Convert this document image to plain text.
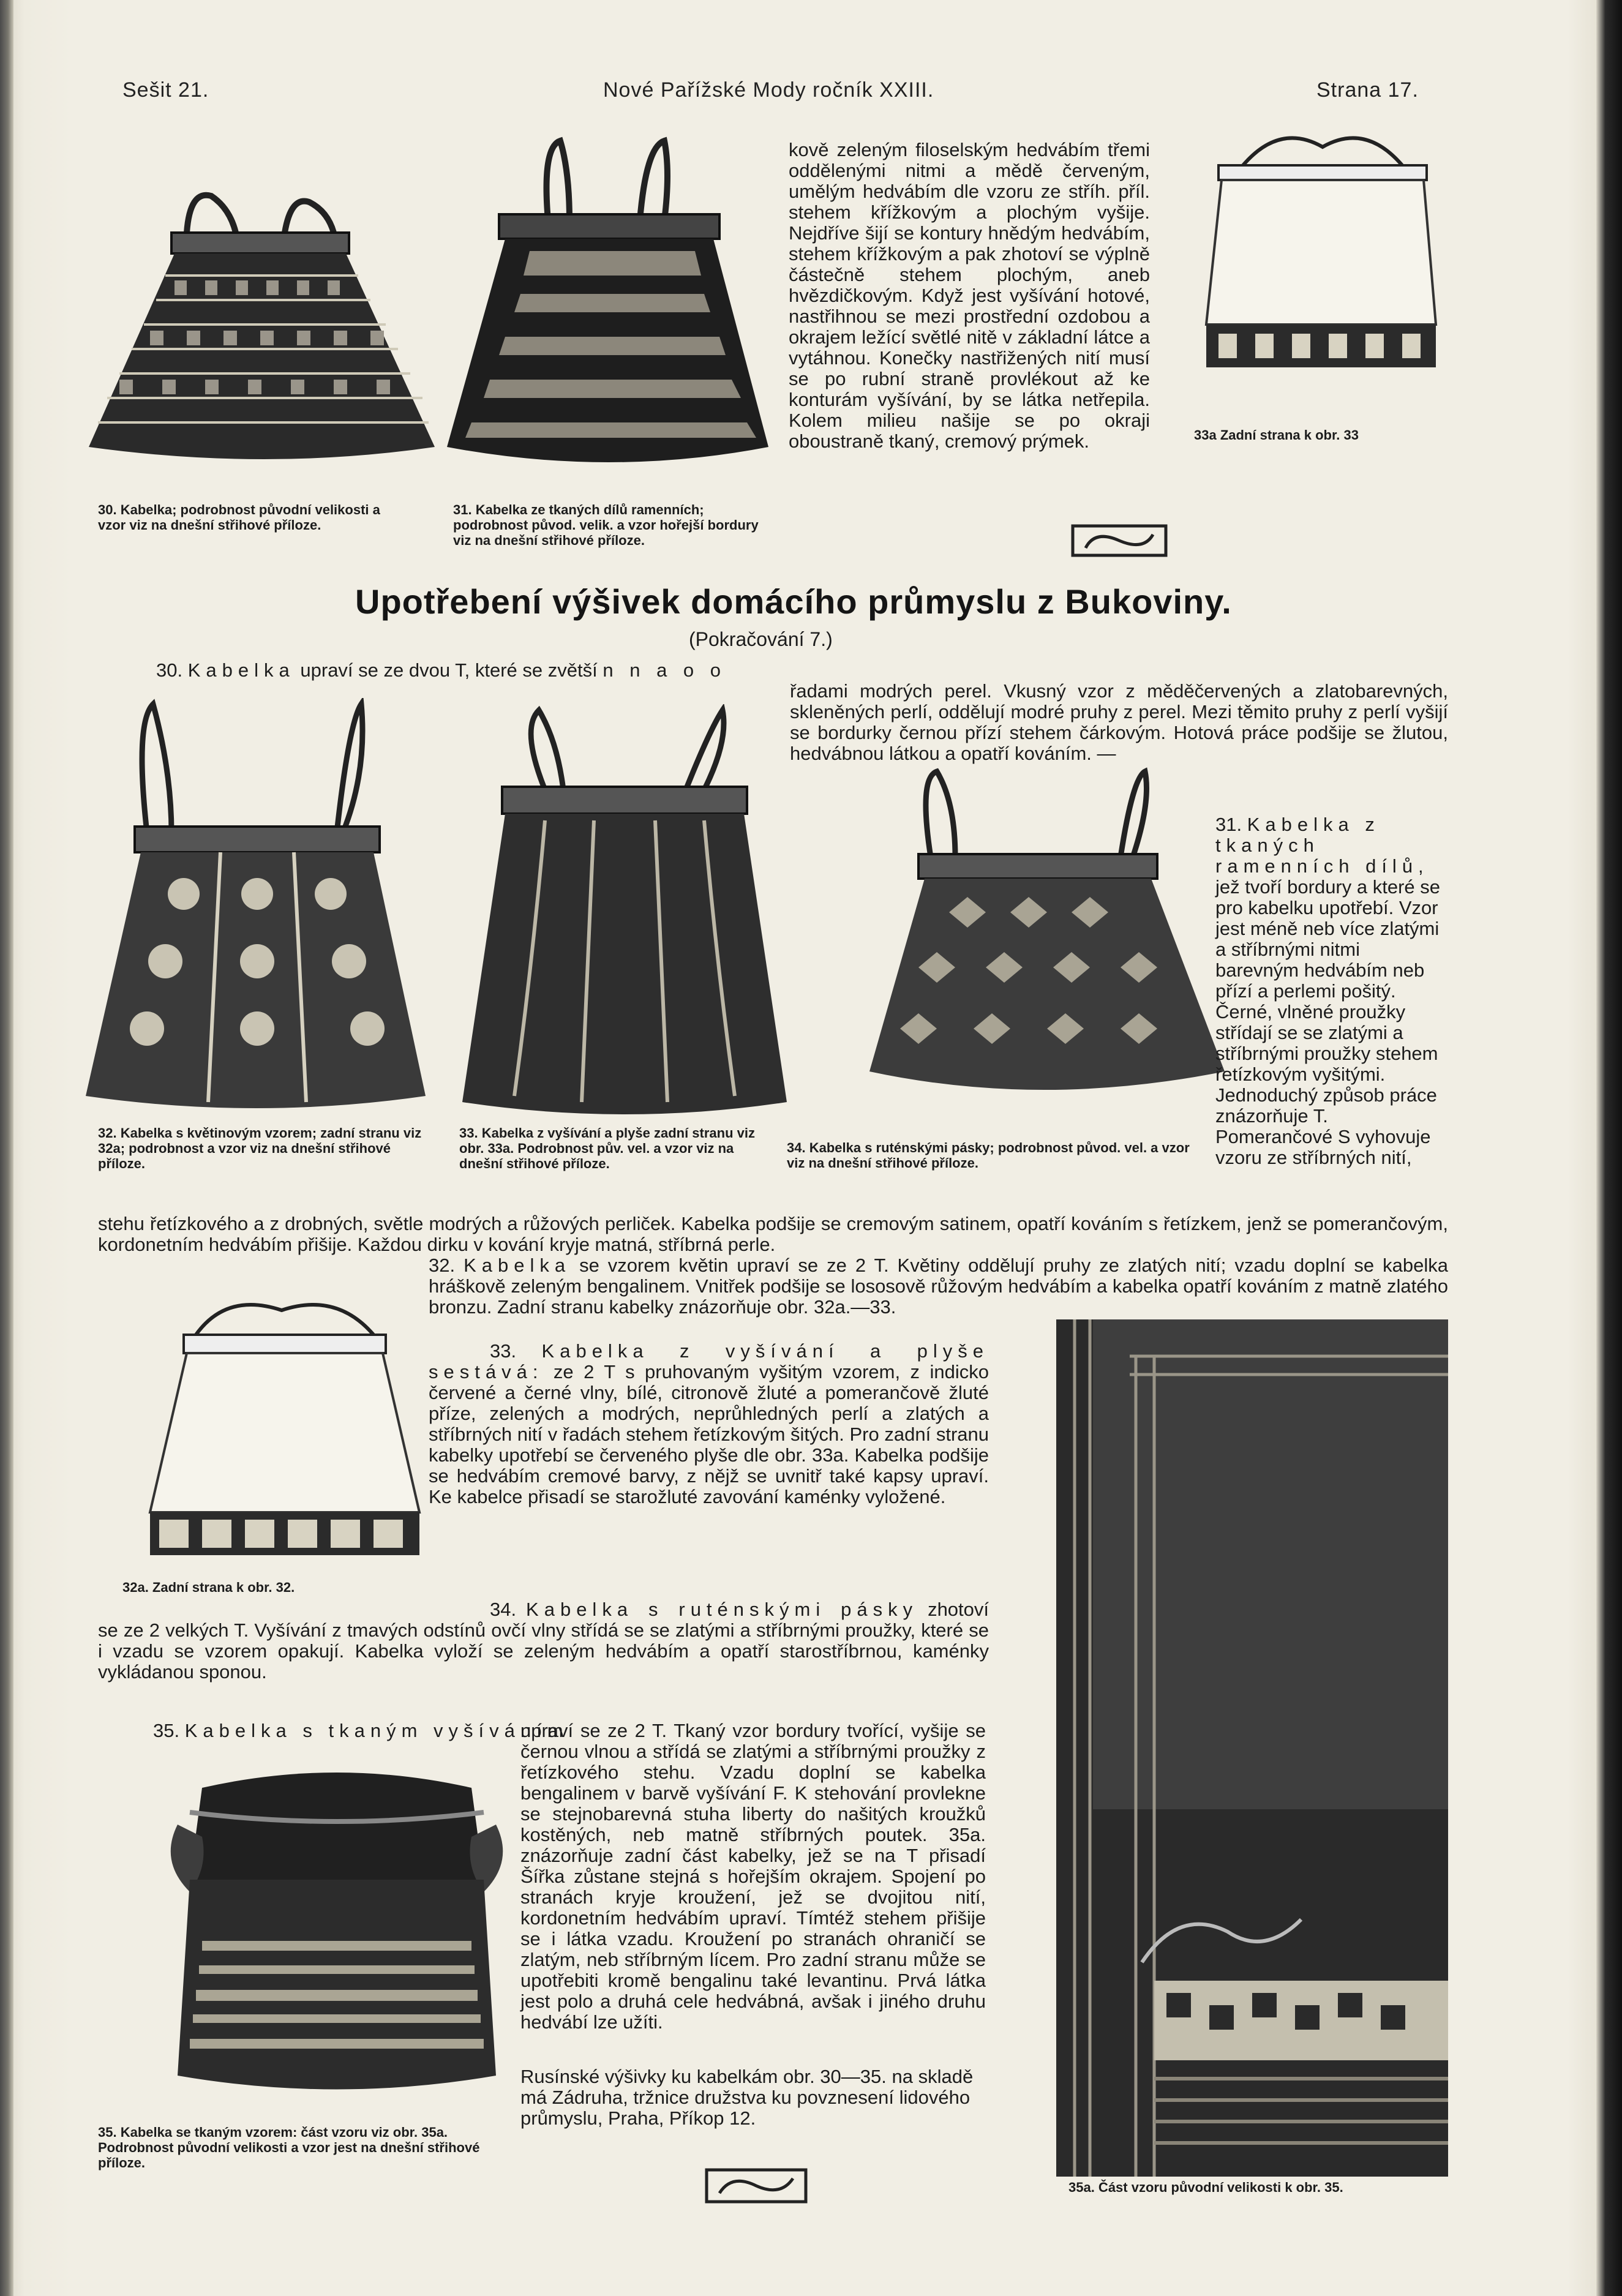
Sešit 21.	Nové Pařížské Mody ročník XXIII.	Strana 17.
30. Kabelka; podrobnost původní velikosti a vzor viz na dnešní střihové příloze.
31. Kabelka ze tkaných dílů ramenních; podrobnost původ. velik. a vzor hořejší bordury viz na dnešní střihové příloze.
kově zeleným filoselským hedvábím třemi oddělenými nitmi a mědě červeným, umělým hedvábím dle vzoru ze stříh. příl. stehem křížkovým a plochým vyšije. Nejdříve šijí se kontury hnědým hedvábím, stehem křížkovým a pak zhotoví se výplně částečně stehem plochým, aneb hvězdičkovým. Když jest vyšívání hotové, nastřihnou se mezi prostřední ozdobou a okrajem ležící světlé nitě v základní látce a vytáhnou. Konečky nastřižených nití musí se po rubní straně provlékout až ke konturám vyšívání, by se látka netřepila. Kolem milieu našije se po okraji oboustraně tkaný, cremový prýmek.	33a Zadní strana k obr. 33
Upotřebení výšivek domácího průmyslu z Bukoviny.
(Pokračování 7.)
30. Kabelka upraví se ze dvou T, které se zvětší n n a o o
řadami modrých perel. Vkusný vzor z měděčervených a zlatobarevných, skleněných perlí, oddělují modré pruhy z perel. Mezi těmito pruhy z perlí vyšijí se bordurky černou přízí stehem čárkovým. Hotová práce podšije se žlutou, hedvábnou látkou a opatří kováním. —
32. Kabelka s květinovým vzorem; zadní stranu viz 32a; podrobnost a vzor viz na dnešní střihové příloze.
33. Kabelka z vyšívání a plyše zadní stranu viz obr. 33a. Podrobnost pův. vel. a vzor viz na dnešní střihové příloze.
34. Kabelka s ruténskými pásky; podrobnost původ. vel. a vzor viz na dnešní střihové příloze.
31. Kabelka z tkaných ramenních dílů, jež tvoří bordury a které se pro kabelku upotřebí. Vzor jest méně neb více zlatými a stříbrnými nitmi barevným hedvábím neb přízí a perlemi pošitý. Černé, vlněné proužky střídají se se zlatými a stříbrnými proužky stehem řetízkovým vyšitými. Jednoduchý způsob práce znázorňuje T. Pomerančové S vyhovuje vzoru ze stříbrných nití,
stehu řetízkového a z drobných, světle modrých a růžových perliček. Kabelka podšije se cremovým satinem, opatří kováním s řetízkem, jenž se pomerančovým, kordonetním hedvábím přišije. Každou dirku v kování kryje matná, stříbrná perle.
32. Kabelka se vzorem květin upraví se ze 2 T. Květiny oddělují pruhy ze zlatých nití; vzadu doplní se kabelka hráškově zeleným bengalinem. Vnitřek podšije se lososově růžovým hedvábím a kabelka opatří kováním z matně zlatého bronzu. Zadní stranu kabelky znázorňuje obr. 32a.—33.
32a. Zadní strana k obr. 32.
33. Kabelka z vyšívání a plyše sestává: ze 2 T s pruhovaným vyšitým vzorem, z indicko červené a černé vlny, bílé, citronově žluté a pomerančově žluté příze, zelených a modrých, neprůhledných perlí a zlatých a stříbrných nití v řadách stehem řetízkovým šitých. Pro zadní stranu kabelky upotřebí se červeného plyše dle obr. 33a. Kabelka podšije se hedvábím cremové barvy, z nějž se uvnitř také kapsy upraví. Ke kabelce přisadí se starožluté zavování kaménky vyložené.
35a. Část vzoru původní velikosti k obr. 35.
34. Kabelka s ruténskými pásky zhotoví se ze 2 velkých T. Vyšívání z tmavých odstínů ovčí vlny střídá se se zlatými a stříbrnými proužky, které se i vzadu se vzorem opakují. Kabelka vyloží se zeleným hedvábím a opatří starostříbrnou, kaménky vykládanou sponou.
35. Kabelka s tkaným vyšíváním
upraví se ze 2 T. Tkaný vzor bordury tvořící, vyšije se černou vlnou a střídá se zlatými a stříbrnými proužky z řetízkového stehu. Vzadu doplní se kabelka bengalinem v barvě vyšívání F. K stehování provlekne se stejnobarevná stuha liberty do našitých kroužků kostěných, neb matně stříbrných poutek. 35a. znázorňuje zadní část kabelky, jež se na T přisadí Šířka zůstane stejná s hořejším okrajem. Spojení po stranách kryje kroužení, jež se dvojitou nití, kordonetním hedvábím upraví. Tímtéž stehem přišije se i látka vzadu. Kroužení po stranách ohraničí se zlatým, neb stříbrným lícem. Pro zadní stranu může se upotřebiti kromě bengalinu také levantinu. Prvá látka jest polo a druhá cele hedvábná, avšak i jiného druhu hedvábí lze užíti.
35. Kabelka se tkaným vzorem: část vzoru viz obr. 35a. Podrobnost původní velikosti a vzor jest na dnešní střihové příloze.
Rusínské výšivky ku kabelkám obr. 30—35. na skladě má Zádruha, tržnice družstva ku povznesení lidového průmyslu, Praha, Příkop 12.
